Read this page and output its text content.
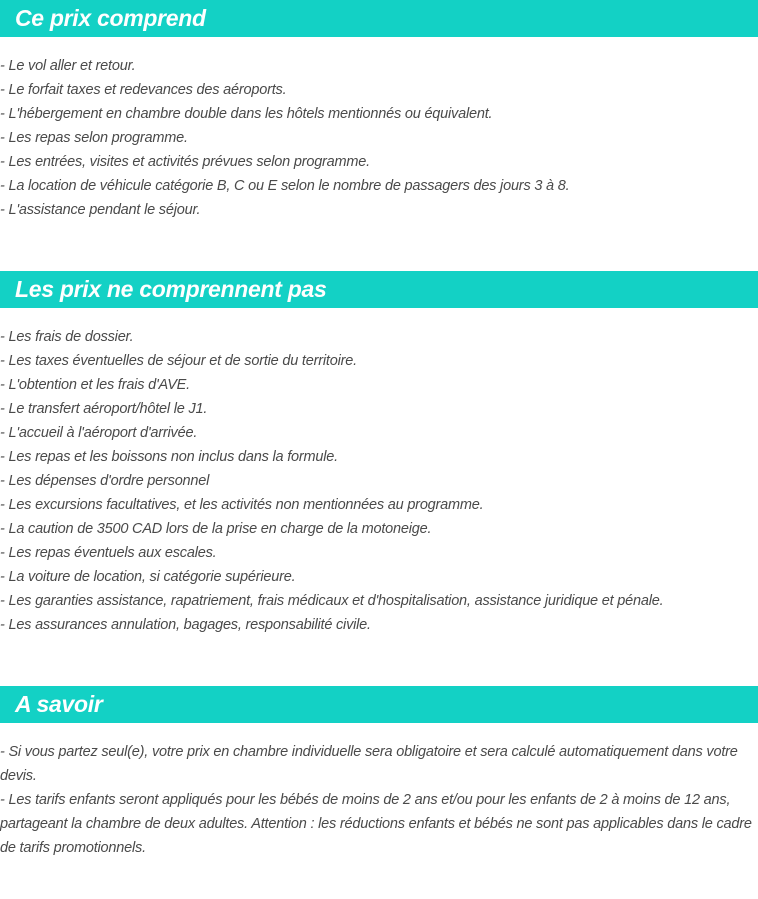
Ce prix comprend
- Le vol aller et retour.
- Le forfait taxes et redevances des aéroports.
- L'hébergement en chambre double dans les hôtels mentionnés ou équivalent.
- Les repas selon programme.
- Les entrées, visites et activités prévues selon programme.
- La location de véhicule catégorie B, C ou E selon le nombre de passagers des jours 3 à 8.
- L'assistance pendant le séjour.
Les prix ne comprennent pas
- Les frais de dossier.
- Les taxes éventuelles de séjour et de sortie du territoire.
- L'obtention et les frais d'AVE.
- Le transfert aéroport/hôtel le J1.
- L'accueil à l'aéroport d'arrivée.
- Les repas et les boissons non inclus dans la formule.
- Les dépenses d'ordre personnel
- Les excursions facultatives, et les activités non mentionnées au programme.
- La caution de 3500 CAD lors de la prise en charge de la motoneige.
- Les repas éventuels aux escales.
- La voiture de location, si catégorie supérieure.
- Les garanties assistance, rapatriement, frais médicaux et d'hospitalisation, assistance juridique et pénale.
- Les assurances annulation, bagages, responsabilité civile.
A savoir
- Si vous partez seul(e), votre prix en chambre individuelle sera obligatoire et sera calculé automatiquement dans votre devis.
- Les tarifs enfants seront appliqués pour les bébés de moins de 2 ans et/ou pour les enfants de 2 à moins de 12 ans, partageant la chambre de deux adultes. Attention : les réductions enfants et bébés ne sont pas applicables dans le cadre de tarifs promotionnels.
